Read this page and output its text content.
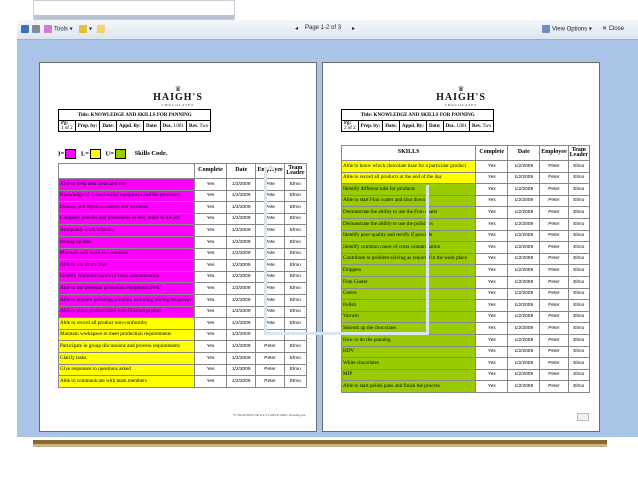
Tools ▾	▾	◂ Page 1-2 of 3 ▸	View Options ▾ ✕ Close
♛
HAIGH'S
CHOCOLATES
Title: KNOWLEDGE AND SKILLS FOR PANNING
Pg:
1 of 2	Prep. by:	Date:	Appd. By:	Date:	Doc. L081	Rev. Two
I=	L=	U=	Skills Code.
	Complete	Date	Employee	Team Leader
Able to keep area clean and tidy	Yes	1/2/2009	Pete	Elmo
Knowledge of correct safety equipment and the processes	Yes	1/2/2009	Pete	Elmo
Identify and report accidents and incidents	Yes	1/2/2009	Pete	Elmo
Company policies and procedures as they relate to the job	Yes	1/2/2009	Pete	Elmo
Acceptable work behavior	Yes	1/2/2009	Pete	Elmo
Setting up tubs	Yes	1/2/2009	Pete	Elmo
Maintain safe work environment	Yes	1/2/2009	Pete	Elmo
Able to use drum tilter	Yes	1/2/2009	Pete	Elmo
Identify common causes of cross contamination	Yes	1/2/2009	Pete	Elmo
Able to use personal protection equipment (PPE)	Yes	1/2/2009	Pete	Elmo
Able to prepare polishing solution, including mixing the polish	Yes	1/2/2009	Pete	Elmo
Able to place product label with finished product	Yes	1/2/2009	Pete	Elmo
Able to record all product non-conformity	Yes	1/2/2009	Pete	Elmo
Maintain workspace to meet production requirements	Yes	1/2/2009	Pete	Elmo
Participate in group discussions and process requirements	Yes	1/2/2009	Peter	Elmo
Clarify tasks	Yes	1/2/2009	Peter	Elmo
Give responses to questions asked	Yes	1/2/2009	Peter	Elmo
Able to communicate with team members	Yes	1/2/2009	Peter	Elmo
Y:\TRAINING\SKILLS TABLE\Skills Panning.doc
♛
HAIGH'S
CHOCOLATES
Title: KNOWLEDGE AND SKILLS FOR PANNING
Pg:
2 of 2	Prep. by:	Date:	Appd. By:	Date:	Doc. L081	Rev. Two
SKILLS	Complete	Date	Employee	Team Leader
Able to know which chocolate base for a particular product	Yes	1/2/2009	Peter	Elmo
Able to record all products at the end of the day	Yes	1/2/2009	Peter	Elmo
Identify different tubs for products	Yes	1/2/2009	Peter	Elmo
Able to start Finn coater and shut down	Yes	1/2/2009	Peter	Elmo
Demonstrate the ability to use the Finn coater	Yes	1/2/2009	Peter	Elmo
Demonstrate the ability to use the polishers	Yes	1/2/2009	Peter	Elmo
Identify poor quality and rectify if possible	Yes	1/2/2009	Peter	Elmo
Identify common cause of cross contamination	Yes	1/2/2009	Peter	Elmo
Contribute to problem solving as required in the work place	Yes	1/2/2009	Peter	Elmo
Drippers	Yes	1/2/2009	Peter	Elmo
Finn Coater	Yes	1/2/2009	Peter	Elmo
Centre	Yes	1/2/2009	Peter	Elmo
Polish	Yes	1/2/2009	Peter	Elmo
Varnish	Yes	1/2/2009	Peter	Elmo
Smooth up the chocolates	Yes	1/2/2009	Peter	Elmo
How to do the panning	Yes	1/2/2009	Peter	Elmo
HDV	Yes	1/2/2009	Peter	Elmo
White chocolates	Yes	1/2/2009	Peter	Elmo
MIP	Yes	1/2/2009	Peter	Elmo
Able to start polish pans and finish the process	Yes	1/2/2009	Peter	Elmo
